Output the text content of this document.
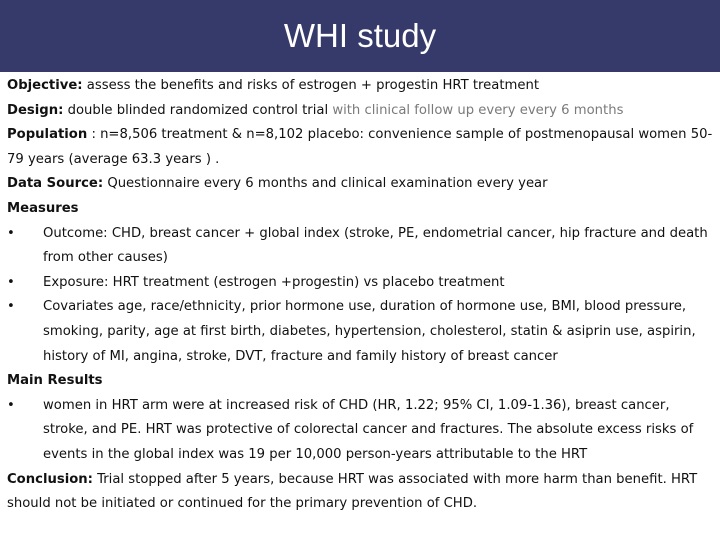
WHI study

Objective: assess the benefits and risks of estrogen + progestin HRT treatment

Design: double blinded randomized control trial with clinical follow up every every 6 months

Population : n=8,506 treatment & n=8,102 placebo: convenience sample of postmenopausal women 50-79 years (average 63.3 years ) .

Data Source: Questionnaire every 6 months and clinical examination every year

Measures

•	Outcome: CHD, breast cancer + global index (stroke, PE, endometrial cancer, hip fracture and death from other causes)

•	Exposure: HRT treatment (estrogen +progestin) vs placebo treatment

•	Covariates age, race/ethnicity, prior hormone use, duration of hormone use, BMI, blood pressure, smoking, parity, age at first birth, diabetes, hypertension, cholesterol, statin & asiprin use, aspirin, history of MI, angina, stroke, DVT, fracture and family history of breast cancer

Main Results

•	women in HRT arm were at increased risk of CHD (HR, 1.22; 95% CI, 1.09-1.36), breast cancer, stroke, and PE. HRT was protective of colorectal cancer and fractures. The absolute excess risks of events in the global index was 19 per 10,000 person-years attributable to the HRT

Conclusion: Trial stopped after 5 years, because HRT was associated with more harm than benefit. HRT should not be initiated or continued for the primary prevention of CHD.
